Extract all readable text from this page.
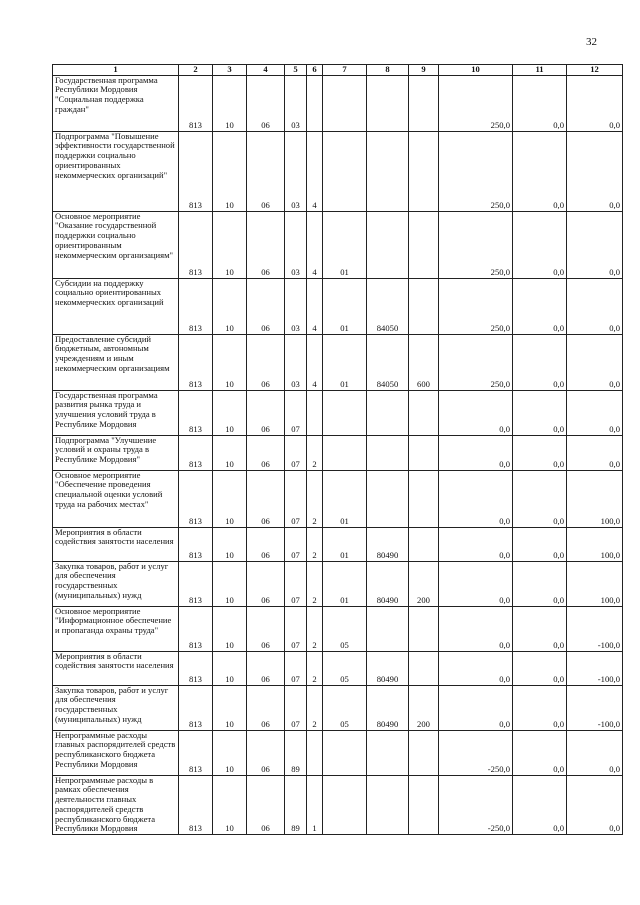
32
1	2	3	4	5	6	7	8	9	10	11	12
Государственная программа Республики Мордовия "Социальная поддержка граждан"	813	10	06	03					250,0	0,0	0,0
Подпрограмма "Повышение эффективности государственной поддержки социально ориентированных некоммерческих организаций"	813	10	06	03	4				250,0	0,0	0,0
Основное мероприятие "Оказание государственной поддержки социально ориентированным некоммерческим организациям"	813	10	06	03	4	01			250,0	0,0	0,0
Субсидии на поддержку социально ориентированных некоммерческих организаций	813	10	06	03	4	01	84050		250,0	0,0	0,0
Предоставление субсидий бюджетным, автономным учреждениям и иным некоммерческим организациям	813	10	06	03	4	01	84050	600	250,0	0,0	0,0
Государственная программа развития рынка труда и улучшения условий труда в Республике Мордовия	813	10	06	07					0,0	0,0	0,0
Подпрограмма "Улучшение условий и охраны труда в Республике Мордовия"	813	10	06	07	2				0,0	0,0	0,0
Основное мероприятие "Обеспечение проведения специальной оценки условий труда на рабочих местах"	813	10	06	07	2	01			0,0	0,0	100,0
Мероприятия в области содействия занятости населения	813	10	06	07	2	01	80490		0,0	0,0	100,0
Закупка товаров, работ и услуг для обеспечения государственных (муниципальных) нужд	813	10	06	07	2	01	80490	200	0,0	0,0	100,0
Основное мероприятие "Информационное обеспечение и пропаганда охраны труда"	813	10	06	07	2	05			0,0	0,0	-100,0
Мероприятия в области содействия занятости населения	813	10	06	07	2	05	80490		0,0	0,0	-100,0
Закупка товаров, работ и услуг для обеспечения государственных (муниципальных) нужд	813	10	06	07	2	05	80490	200	0,0	0,0	-100,0
Непрограммные расходы главных распорядителей средств республиканского бюджета Республики Мордовия	813	10	06	89					-250,0	0,0	0,0
Непрограммные расходы в рамках обеспечения деятельности главных распорядителей средств республиканского бюджета Республики Мордовия	813	10	06	89	1				-250,0	0,0	0,0
